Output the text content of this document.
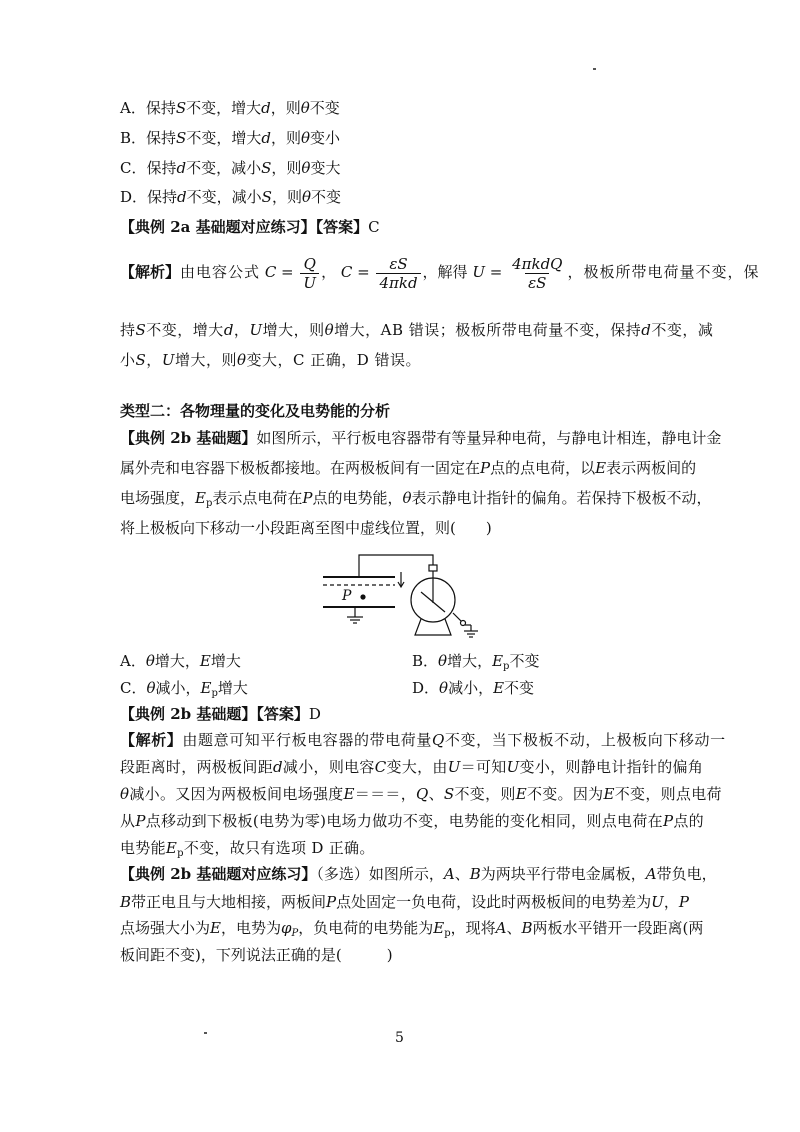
A．保持S不变，增大d，则θ不变
B．保持S不变，增大d，则θ变小
C．保持d不变，减小S，则θ变大
D．保持d不变，减小S，则θ不变
【典例 2a 基础题对应练习】【答案】C
【解析】由电容公式 $C = \frac{Q}{U}$ ， $C = \frac{\varepsilon S}{\text{4πkd}}$ ，解得 $U = \frac{\text{4πkdQ}}{\varepsilon S}$ ，极板所带电荷量不变，保
持S不变，增大d，U增大，则θ增大，AB 错误；极板所带电荷量不变，保持d不变，减
小S，U增大，则θ变大，C 正确，D 错误。
类型二：各物理量的变化及电势能的分析
【典例 2b 基础题】如图所示，平行板电容器带有等量异种电荷，与静电计相连，静电计金
属外壳和电容器下极板都接地。在两极板间有一固定在P点的点电荷，以E表示两板间的
电场强度，$E_p$表示点电荷在P点的电势能，θ表示静电计指针的偏角。若保持下极板不动，
将上极板向下移动一小段距离至图中虚线位置，则(　　)
P
A．θ增大，E增大	B．θ增大，$E_p$不变
C．θ减小，$E_p$增大	D．θ减小，E不变
【典例 2b 基础题】【答案】D
【解析】由题意可知平行板电容器的带电荷量Q不变，当下极板不动，上极板向下移动一
段距离时，两极板间距d减小，则电容C变大，由U＝可知U变小，则静电计指针的偏角
θ减小。又因为两极板间电场强度E＝＝＝，Q、S不变，则E不变。因为E不变，则点电荷
从P点移动到下极板(电势为零)电场力做功不变，电势能的变化相同，则点电荷在P点的
电势能$E_p$不变，故只有选项 D 正确。
【典例 2b 基础题对应练习】（多选）如图所示，A、B为两块平行带电金属板，A带负电，
B带正电且与大地相接，两板间P点处固定一负电荷，设此时两极板间的电势差为U，P
点场强大小为E，电势为$\varphi_P$，负电荷的电势能为$E_p$，现将A、B两板水平错开一段距离(两
板间距不变)，下列说法正确的是(　　　)
5
